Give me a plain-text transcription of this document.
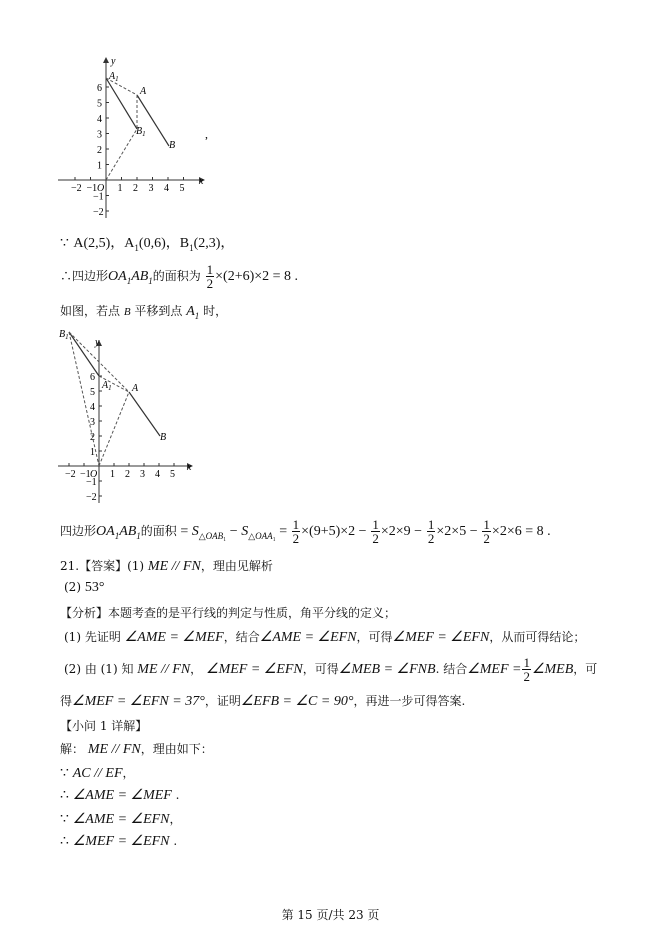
−2 −1 O 1 2 3 4 5
6
5
4
3
2
1
−1
−2
x
y
$A_1$
A
$B_1$
B
,
∵ A(2,5)，$A_1(0,6)$，$B_1(2,3)$，
∴四边形$OA_1AB_1$的面积为 $\frac{1}{2} \times(2+6)\times 2 = 8$ .
如图，若点 B 平移到点 $A_1$ 时，
−2 −1 O 1 2 3 4 5
6
5
4
3
2
1
−1
−2
x
y
$B_1$
$A_1$ A
B
四边形$OA_1AB_1$的面积 = $S_{\triangle OAB_1} - S_{\triangle OAA_1} = \frac{1}{2} \times(9+5)\times 2 - \frac{1}{2} \times 2\times 9 - \frac{1}{2} \times 2\times 5 - \frac{1}{2} \times 2\times 6 = 8$ .
21.【答案】(1) ME // FN，理由见解析
(2) 53°
【分析】本题考查的是平行线的判定与性质，角平分线的定义；
(1) 先证明 ∠AME = ∠MEF，结合∠AME = ∠EFN，可得∠MEF = ∠EFN，从而可得结论；
(2) 由 (1) 知 ME // FN， ∠MEF = ∠EFN，可得∠MEB = ∠FNB. 结合∠MEF = $\frac{1}{2}$ ∠MEB，可
得∠MEF = ∠EFN = 37°，证明∠EFB = ∠C = 90°，再进一步可得答案.
【小问 1 详解】
解： ME // FN，理由如下：
∵ AC // EF，
∴ ∠AME = ∠MEF .
∵ ∠AME = ∠EFN，
∴ ∠MEF = ∠EFN .
第 15 页/共 23 页
